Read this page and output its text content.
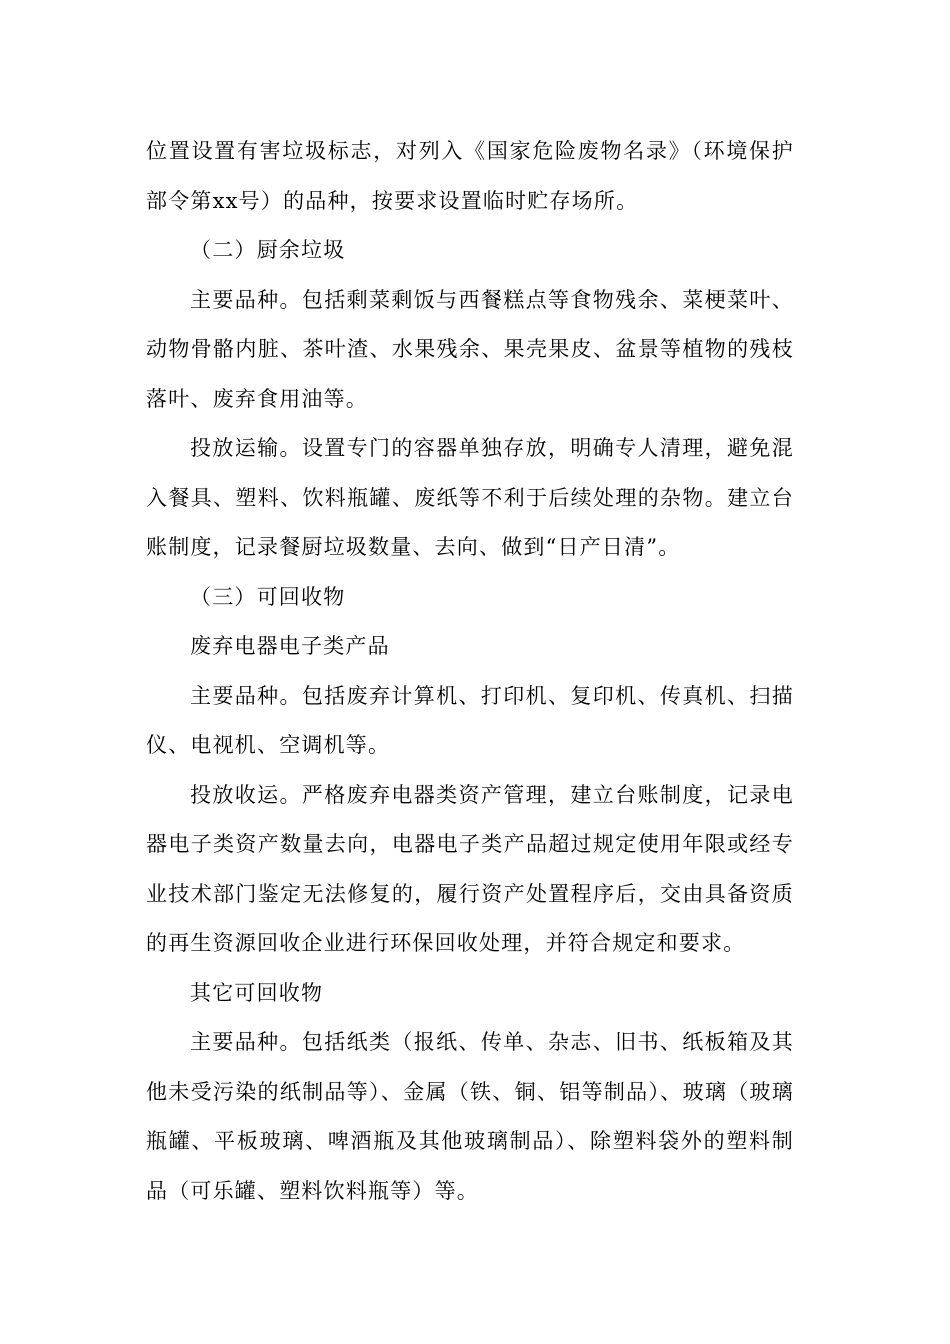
位置设置有害垃圾标志，对列入《国家危险废物名录》（环境保护部令第xx号）的品种，按要求设置临时贮存场所。

（二）厨余垃圾

主要品种。包括剩菜剩饭与西餐糕点等食物残余、菜梗菜叶、动物骨骼内脏、茶叶渣、水果残余、果壳果皮、盆景等植物的残枝落叶、废弃食用油等。

投放运输。设置专门的容器单独存放，明确专人清理，避免混入餐具、塑料、饮料瓶罐、废纸等不利于后续处理的杂物。建立台账制度，记录餐厨垃圾数量、去向、做到“日产日清”。

（三）可回收物

废弃电器电子类产品

主要品种。包括废弃计算机、打印机、复印机、传真机、扫描仪、电视机、空调机等。

投放收运。严格废弃电器类资产管理，建立台账制度，记录电器电子类资产数量去向，电器电子类产品超过规定使用年限或经专业技术部门鉴定无法修复的，履行资产处置程序后，交由具备资质的再生资源回收企业进行环保回收处理，并符合规定和要求。

其它可回收物

主要品种。包括纸类（报纸、传单、杂志、旧书、纸板箱及其他未受污染的纸制品等）、金属（铁、铜、铝等制品）、玻璃（玻璃瓶罐、平板玻璃、啤酒瓶及其他玻璃制品）、除塑料袋外的塑料制品（可乐罐、塑料饮料瓶等）等。
